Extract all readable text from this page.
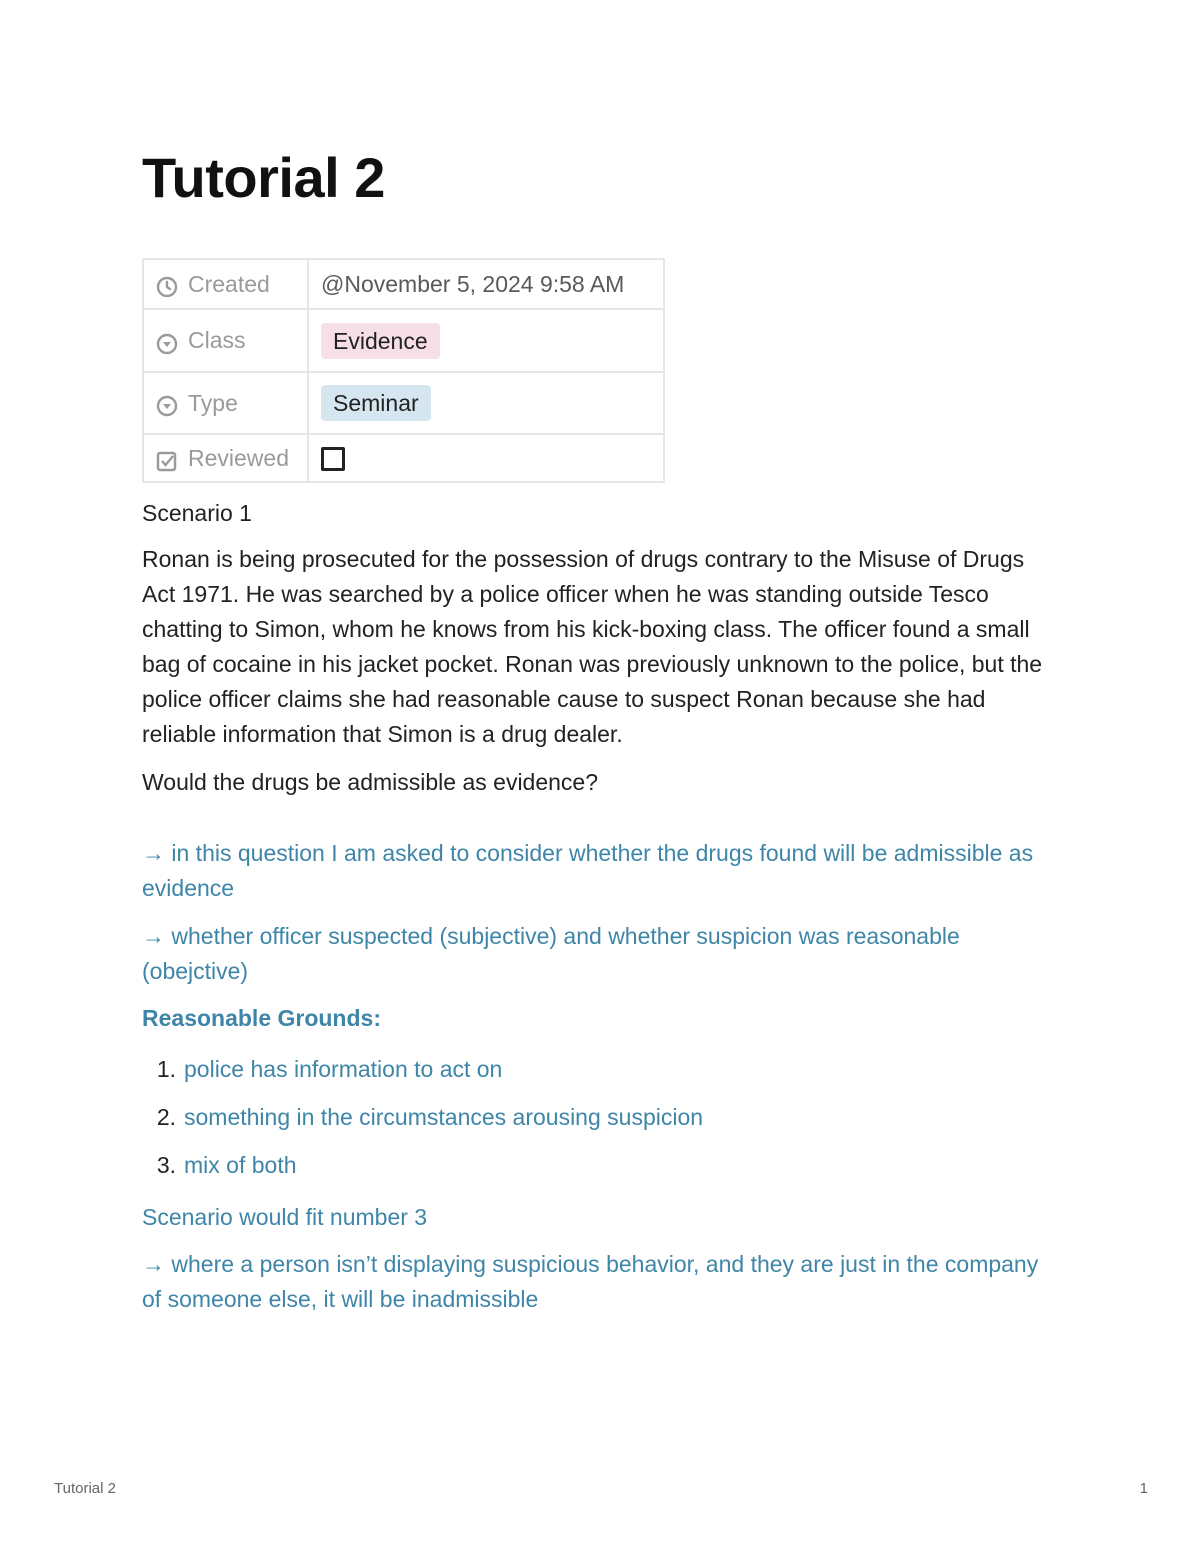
Tutorial 2
Created	@November 5, 2024 9:58 AM

Class	Evidence

Type	Seminar

Reviewed	

Scenario 1
Ronan is being prosecuted for the possession of drugs contrary to the Misuse of Drugs Act 1971. He was searched by a police officer when he was standing outside Tesco chatting to Simon, whom he knows from his kick-boxing class. The officer found a small bag of cocaine in his jacket pocket. Ronan was previously unknown to the police, but the police officer claims she had reasonable cause to suspect Ronan because she had reliable information that Simon is a drug dealer.
Would the drugs be admissible as evidence?
→ in this question I am asked to consider whether the drugs found will be admissible as evidence
→ whether officer suspected (subjective) and whether suspicion was reasonable (obejctive)
Reasonable Grounds:
1. police has information to act on
2. something in the circumstances arousing suspicion
3. mix of both
Scenario would fit number 3
→ where a person isn’t displaying suspicious behavior, and they are just in the company of someone else, it will be inadmissible
Tutorial 2	1
